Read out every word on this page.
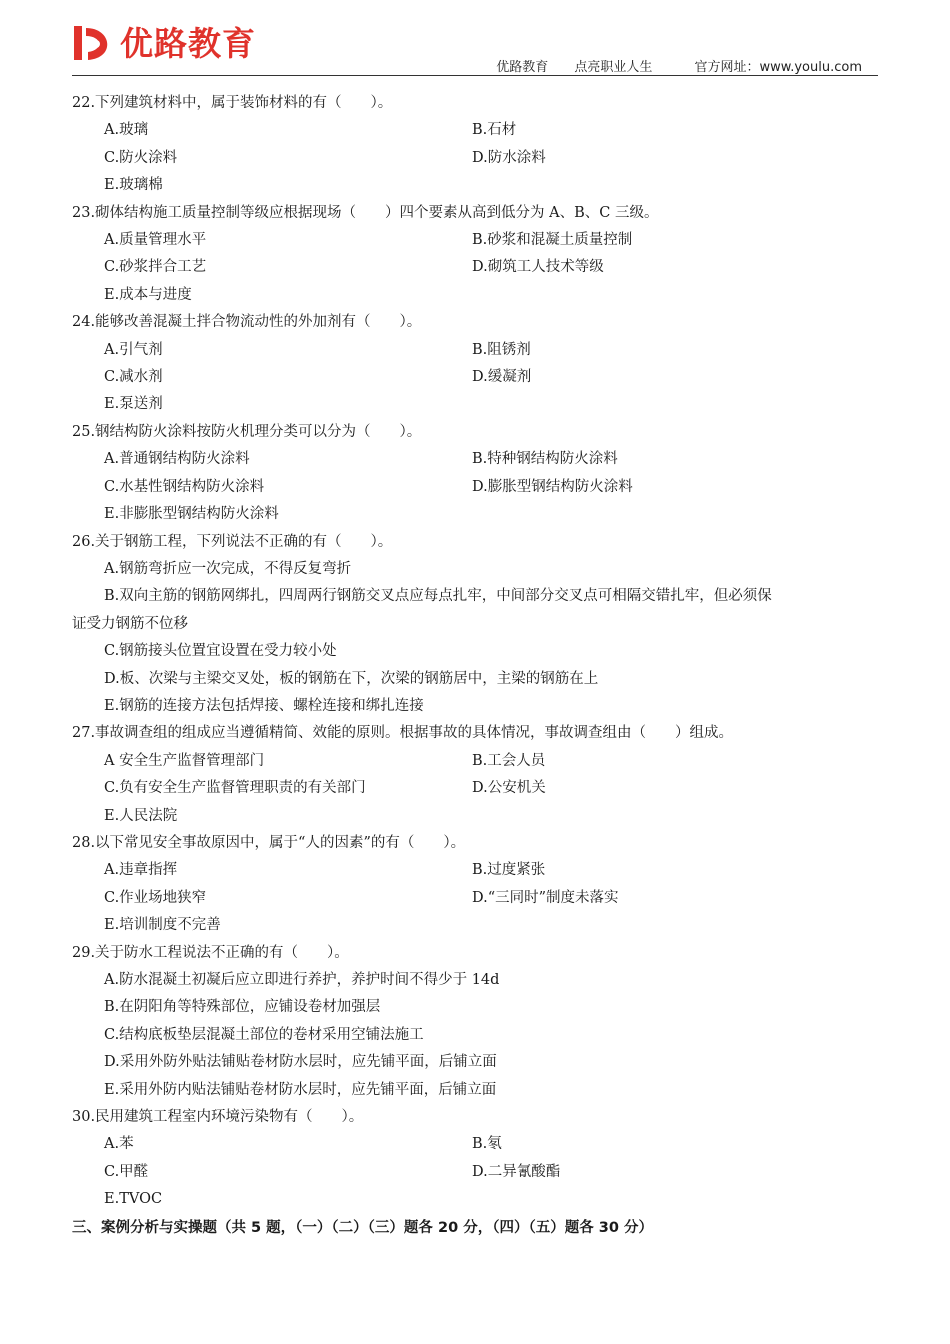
优路教育
优路教育 点亮职业人生	官方网址：www.youlu.com
22.下列建筑材料中，属于装饰材料的有（　　）。
A.玻璃	B.石材
C.防火涂料	D.防水涂料
E.玻璃棉
23.砌体结构施工质量控制等级应根据现场（　　）四个要素从高到低分为 A、B、C 三级。
A.质量管理水平	B.砂浆和混凝土质量控制
C.砂浆拌合工艺	D.砌筑工人技术等级
E.成本与进度
24.能够改善混凝土拌合物流动性的外加剂有（　　）。
A.引气剂	B.阻锈剂
C.减水剂	D.缓凝剂
E.泵送剂
25.钢结构防火涂料按防火机理分类可以分为（　　）。
A.普通钢结构防火涂料	B.特种钢结构防火涂料
C.水基性钢结构防火涂料	D.膨胀型钢结构防火涂料
E.非膨胀型钢结构防火涂料
26.关于钢筋工程，下列说法不正确的有（　　）。
A.钢筋弯折应一次完成，不得反复弯折
B.双向主筋的钢筋网绑扎，四周两行钢筋交叉点应每点扎牢，中间部分交叉点可相隔交错扎牢，但必须保
证受力钢筋不位移
C.钢筋接头位置宜设置在受力较小处
D.板、次梁与主梁交叉处，板的钢筋在下，次梁的钢筋居中，主梁的钢筋在上
E.钢筋的连接方法包括焊接、螺栓连接和绑扎连接
27.事故调查组的组成应当遵循精简、效能的原则。根据事故的具体情况，事故调查组由（　　）组成。
A 安全生产监督管理部门	B.工会人员
C.负有安全生产监督管理职责的有关部门	D.公安机关
E.人民法院
28.以下常见安全事故原因中，属于“人的因素”的有（　　）。
A.违章指挥	B.过度紧张
C.作业场地狭窄	D.“三同时”制度未落实
E.培训制度不完善
29.关于防水工程说法不正确的有（　　）。
A.防水混凝土初凝后应立即进行养护，养护时间不得少于 14d
B.在阴阳角等特殊部位，应铺设卷材加强层
C.结构底板垫层混凝土部位的卷材采用空铺法施工
D.采用外防外贴法铺贴卷材防水层时，应先铺平面，后铺立面
E.采用外防内贴法铺贴卷材防水层时，应先铺平面，后铺立面
30.民用建筑工程室内环境污染物有（　　）。
A.苯	B.氡
C.甲醛	D.二异氰酸酯
E.TVOC
三、案例分析与实操题（共 5 题，（一）（二）（三）题各 20 分，（四）（五）题各 30 分）
